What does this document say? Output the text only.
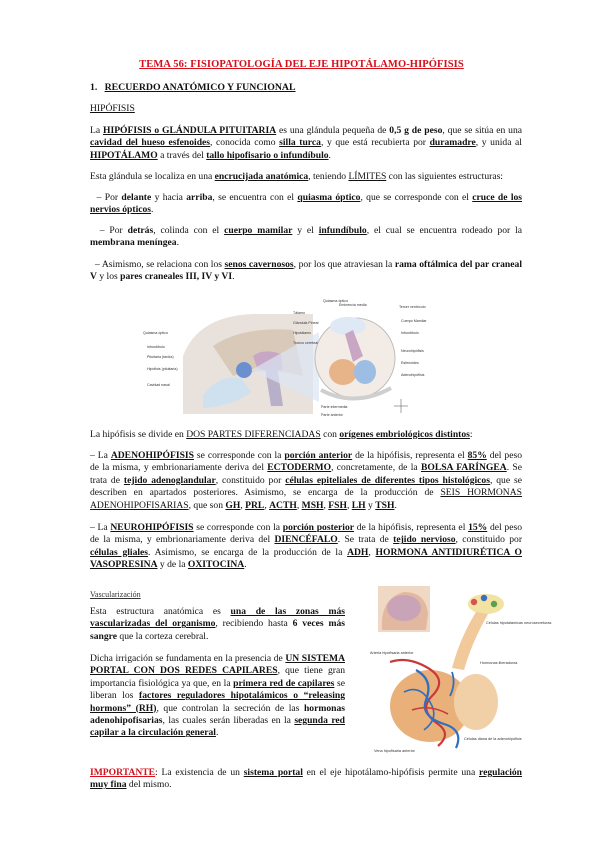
TEMA 56: FISIOPATOLOGÍA DEL EJE HIPOTÁLAMO-HIPÓFISIS
1. RECUERDO ANATÓMICO Y FUNCIONAL
HIPÓFISIS
La HIPÓFISIS o GLÁNDULA PITUITARIA es una glándula pequeña de 0,5 g de peso, que se sitúa en una cavidad del hueso esfenoides, conocida como silla turca, y que está recubierta por duramadre, y unida al HIPOTÁLAMO a través del tallo hipofisario o infundíbulo.
Esta glándula se localiza en una encrucijada anatómica, teniendo LÍMITES con las siguientes estructuras:
– Por delante y hacia arriba, se encuentra con el quiasma óptico, que se corresponde con el cruce de los nervios ópticos.
– Por detrás, colinda con el cuerpo mamilar y el infundíbulo, el cual se encuentra rodeado por la membrana meníngea.
– Asimismo, se relaciona con los senos cavernosos, por los que atraviesan la rama oftálmica del par craneal V y los pares craneales III, IV y VI.
Quiasma óptico
Infundíbulo
Pituitaria (tardía)
Hipófisis (pituitaria)
Cavidad nasal
Tálamo
Glándula Pineal
Hipotálamo
Tronco cerebral
Eminencia media
Quiasma óptico
Tercer ventrículo
Cuerpo Mamilar
Infundíbulo
Neurohipófisis
Esfenoides
Adenohipófisis
Parte intermedia
Parte anterior
La hipófisis se divide en DOS PARTES DIFERENCIADAS con orígenes embriológicos distintos:
– La ADENOHIPÓFISIS se corresponde con la porción anterior de la hipófisis, representa el 85% del peso de la misma, y embrionariamente deriva del ECTODERMO, concretamente, de la BOLSA FARÍNGEA. Se trata de tejido adenoglandular, constituido por células epiteliales de diferentes tipos histológicos, que se describen en apartados posteriores. Asimismo, se encarga de la producción de SEIS HORMONAS ADENOHIPOFISARIAS, que son GH, PRL, ACTH, MSH, FSH, LH y TSH.
– La NEUROHIPÓFISIS se corresponde con la porción posterior de la hipófisis, representa el 15% del peso de la misma, y embrionariamente deriva del DIENCÉFALO. Se trata de tejido nervioso, constituido por células gliales. Asimismo, se encarga de la producción de la ADH, HORMONA ANTIDIURÉTICA O VASOPRESINA y de la OXITOCINA.
Vascularización
Esta estructura anatómica es una de las zonas más vascularizadas del organismo, recibiendo hasta 6 veces más sangre que la corteza cerebral.
Dicha irrigación se fundamenta en la presencia de UN SISTEMA PORTAL CON DOS REDES CAPILARES, que tiene gran importancia fisiológica ya que, en la primera red de capilares se liberan los factores reguladores hipotalámicos o “releasing hormons” (RH), que controlan la secreción de las hormonas adenohipofisarias, las cuales serán liberadas en la segunda red capilar a la circulación general.
Células hipotalámicas neurosecretoras
Hormonas liberadoras
Arteria hipofisaria anterior
Vena hipofisaria anterior
Células diana de la adenohipófisis
IMPORTANTE: La existencia de un sistema portal en el eje hipotálamo-hipófisis permite una regulación muy fina del mismo.
